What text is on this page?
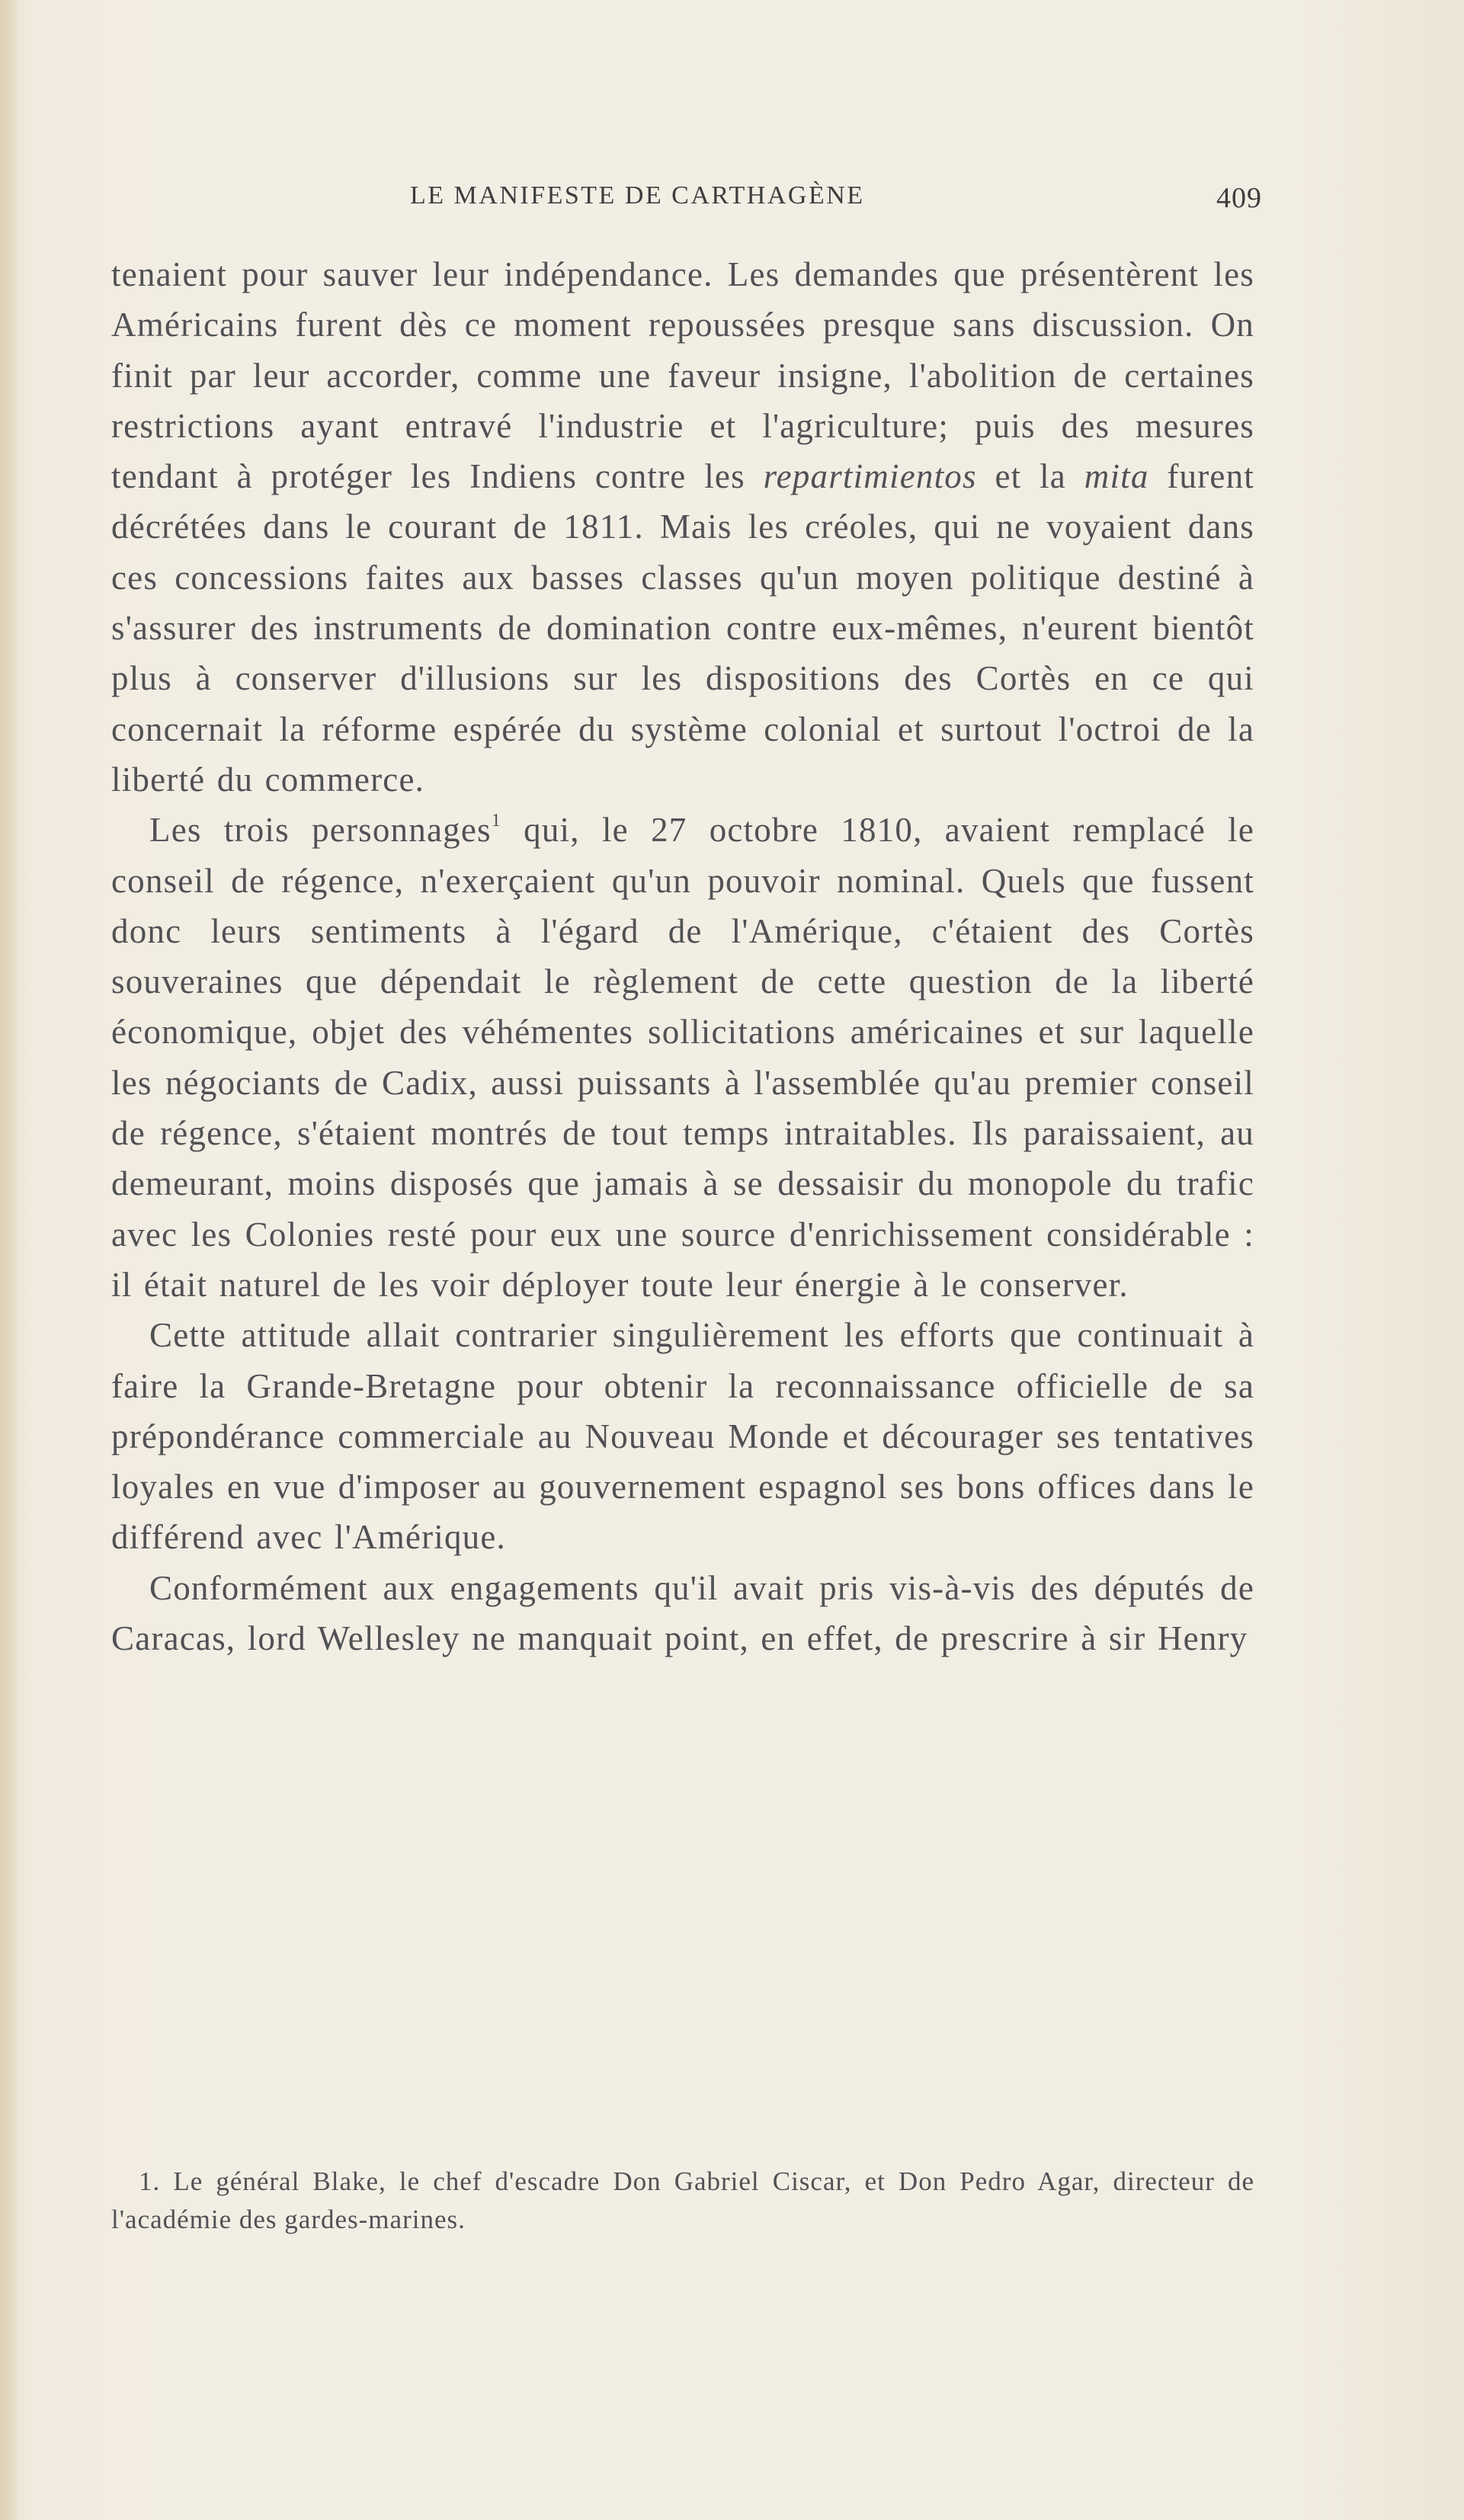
LE MANIFESTE DE CARTHAGÈNE	409

tenaient pour sauver leur indépendance. Les demandes que présentèrent les Américains furent dès ce moment repoussées presque sans discussion. On finit par leur accorder, comme une faveur insigne, l'abolition de certaines restrictions ayant entravé l'industrie et l'agriculture; puis des mesures tendant à protéger les Indiens contre les repartimientos et la mita furent décrétées dans le courant de 1811. Mais les créoles, qui ne voyaient dans ces concessions faites aux basses classes qu'un moyen politique destiné à s'assurer des instruments de domination contre eux-mêmes, n'eurent bientôt plus à conserver d'illusions sur les dispositions des Cortès en ce qui concernait la réforme espérée du système colonial et surtout l'octroi de la liberté du commerce.

Les trois personnages$^1$ qui, le 27 octobre 1810, avaient remplacé le conseil de régence, n'exerçaient qu'un pouvoir nominal. Quels que fussent donc leurs sentiments à l'égard de l'Amérique, c'étaient des Cortès souveraines que dépendait le règlement de cette question de la liberté économique, objet des véhémentes sollicitations américaines et sur laquelle les négociants de Cadix, aussi puissants à l'assemblée qu'au premier conseil de régence, s'étaient montrés de tout temps intraitables. Ils paraissaient, au demeurant, moins disposés que jamais à se dessaisir du monopole du trafic avec les Colonies resté pour eux une source d'enrichissement considérable : il était naturel de les voir déployer toute leur énergie à le conserver.

Cette attitude allait contrarier singulièrement les efforts que continuait à faire la Grande-Bretagne pour obtenir la reconnaissance officielle de sa prépondérance commerciale au Nouveau Monde et décourager ses tentatives loyales en vue d'imposer au gouvernement espagnol ses bons offices dans le différend avec l'Amérique.

Conformément aux engagements qu'il avait pris vis-à-vis des députés de Caracas, lord Wellesley ne manquait point, en effet, de prescrire à sir Henry

1. Le général Blake, le chef d'escadre Don Gabriel Ciscar, et Don Pedro Agar, directeur de l'académie des gardes-marines.
